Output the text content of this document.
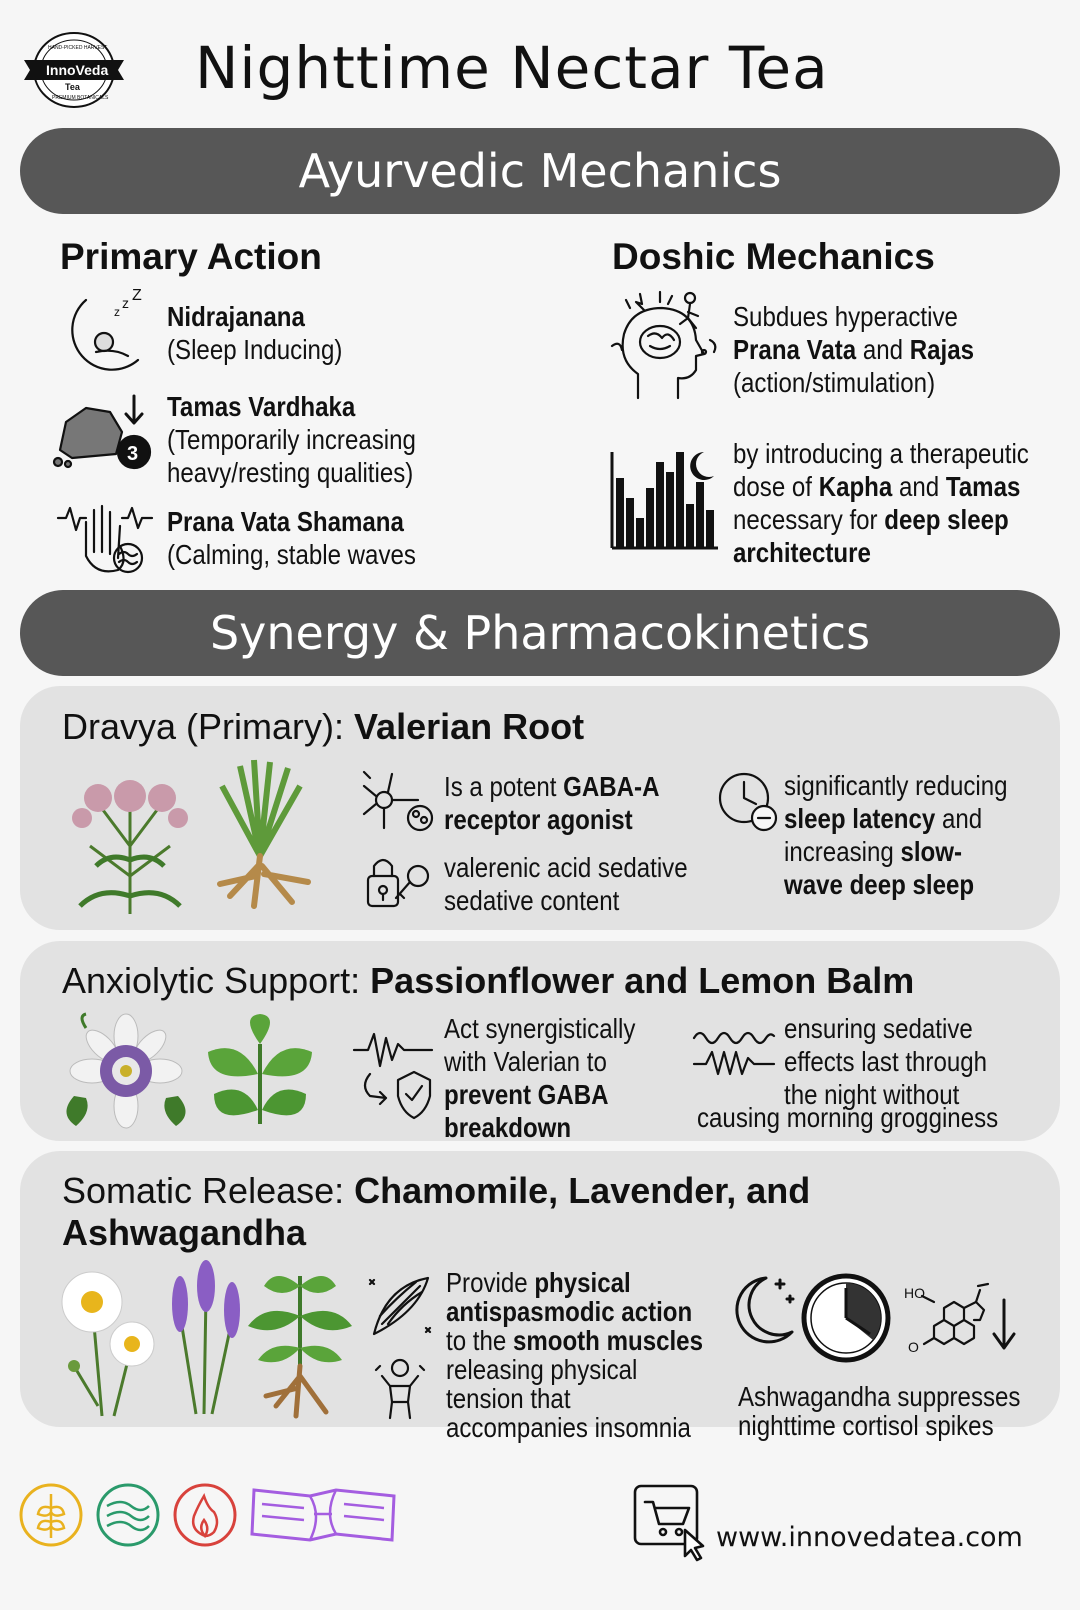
InnoVeda
Tea
HAND-PICKED HARVEST
PREMIUM BOTANICALS Nighttime Nectar Tea
Ayurvedic Mechanics
Primary Action
z
z Z
Nidrajanana
(Sleep Inducing)
3
Tamas Vardhaka
(Temporarily increasing
heavy/resting qualities)
Prana Vata Shamana
(Calming, stable waves
Doshic Mechanics
Subdues hyperactive
Prana Vata and Rajas
(action/stimulation)
by introducing a therapeutic
dose of Kapha and Tamas
necessary for deep sleep
architecture
Synergy & Pharmacokinetics
Dravya (Primary): Valerian Root
Is a potent GABA-A
receptor agonist
valerenic acid sedative
sedative content
significantly reducing
sleep latency and
increasing slow-
wave deep sleep
Anxiolytic Support: Passionflower and Lemon Balm
Act synergistically
with Valerian to
prevent GABA
breakdown
ensuring sedative
effects last through
the night without
causing morning grogginess
Somatic Release: Chamomile, Lavender, and
Ashwagandha
Provide physical
antispasmodic action
to the smooth muscles
releasing physical
tension that
accompanies insomnia
HO
O
Ashwagandha suppresses
nighttime cortisol spikes
www.innovedatea.com
